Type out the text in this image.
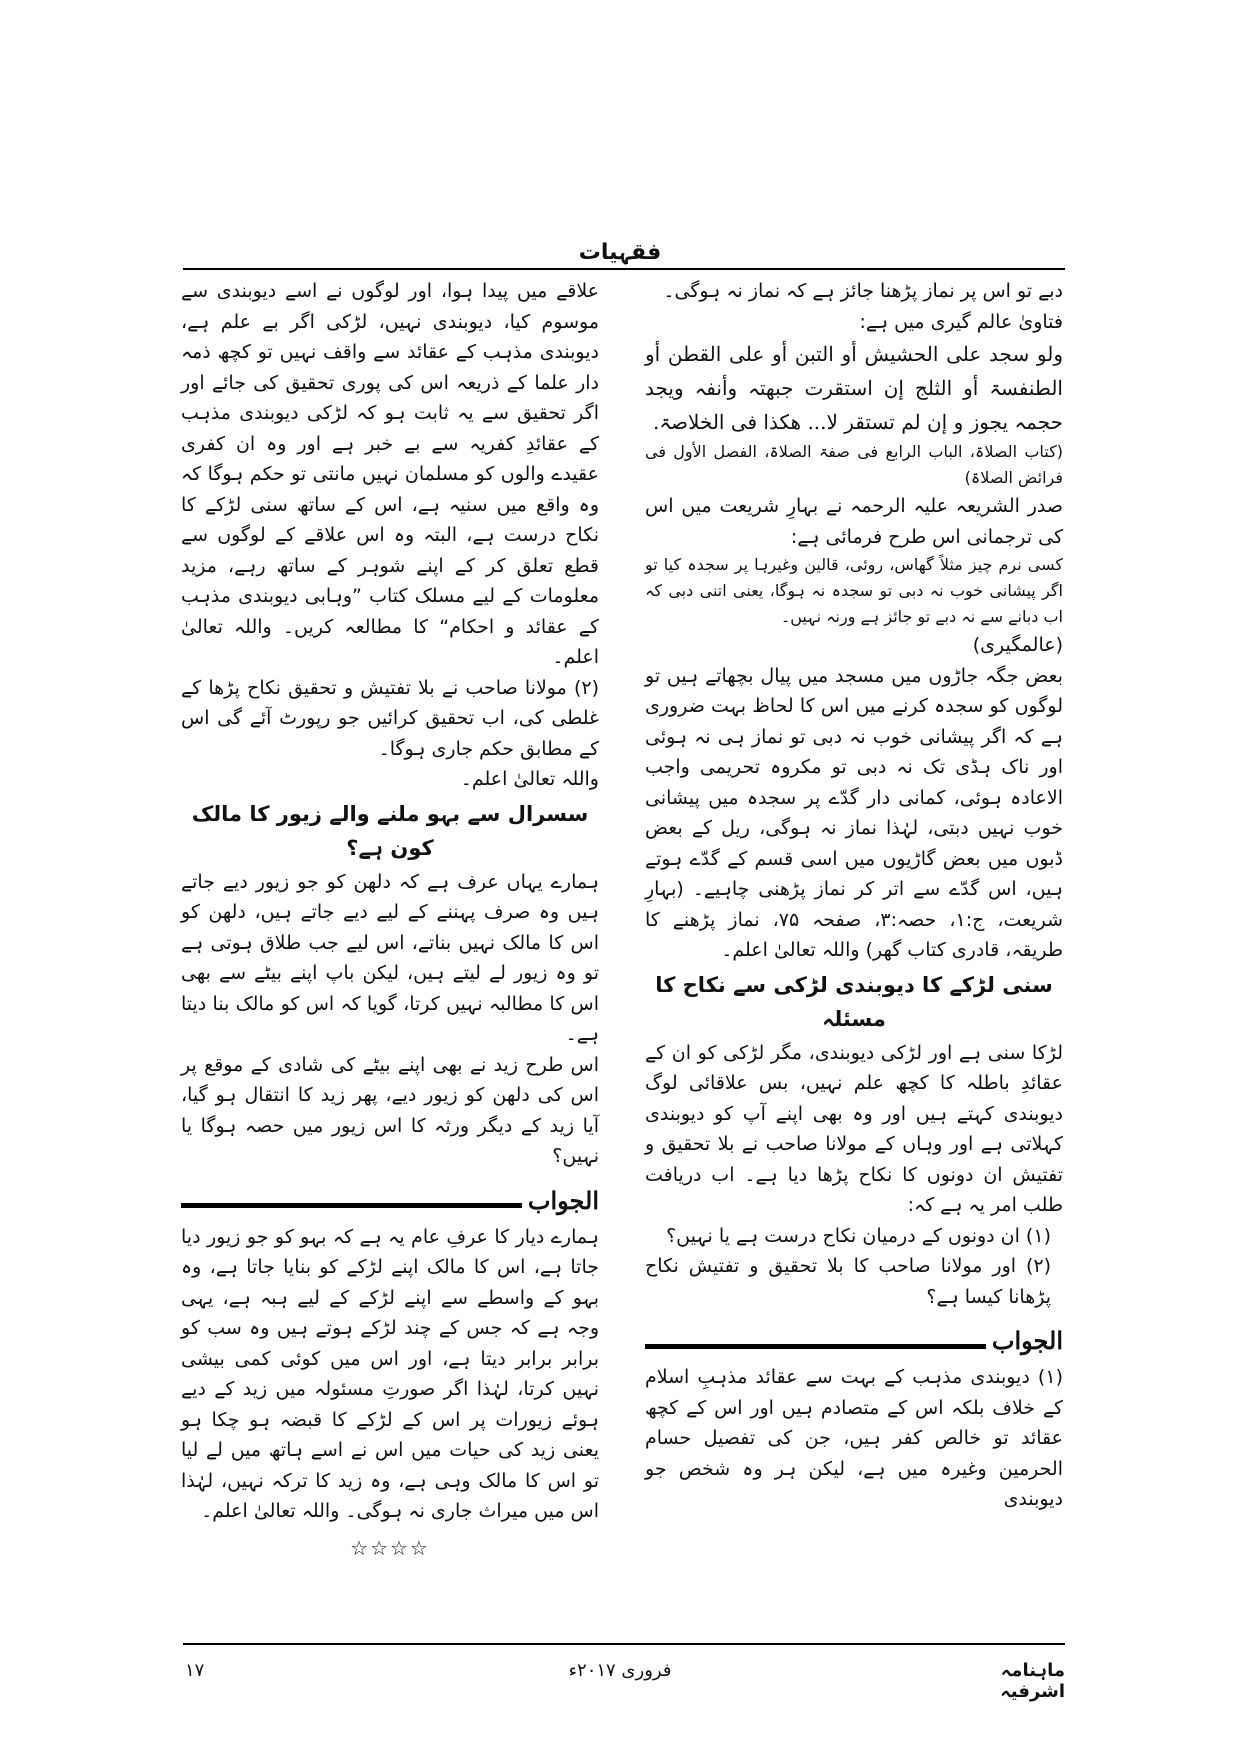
فقہیات

دبے تو اس پر نماز پڑھنا جائز ہے کہ نماز نہ ہوگی۔

فتاویٰ عالم گیری میں ہے:

ولو سجد علی الحشیش أو التبن أو علی القطن أو الطنفسۃ أو الثلج إن استقرت جبھتہ وأنفہ ویجد حجمہ یجوز و إن لم تستقر لا... ھکذا فی الخلاصۃ.

(کتاب الصلاۃ، الباب الرابع فی صفۃ الصلاۃ، الفصل الأول فی فرائض الصلاۃ)

صدر الشریعہ علیہ الرحمہ نے بہارِ شریعت میں اس کی ترجمانی اس طرح فرمائی ہے:

کسی نرم چیز مثلاً گھاس، روئی، قالین وغیرہا پر سجدہ کیا تو اگر پیشانی خوب نہ دبی تو سجدہ نہ ہوگا، یعنی اتنی دبی کہ اب دبانے سے نہ دبے تو جائز ہے ورنہ نہیں۔

(عالمگیری)

بعض جگہ جاڑوں میں مسجد میں پیال بچھاتے ہیں تو لوگوں کو سجدہ کرنے میں اس کا لحاظ بہت ضروری ہے کہ اگر پیشانی خوب نہ دبی تو نماز ہی نہ ہوئی اور ناک ہڈی تک نہ دبی تو مکروہ تحریمی واجب الاعادہ ہوئی، کمانی دار گدّے پر سجدہ میں پیشانی خوب نہیں دبتی، لہٰذا نماز نہ ہوگی، ریل کے بعض ڈبوں میں بعض گاڑیوں میں اسی قسم کے گدّے ہوتے ہیں، اس گدّے سے اتر کر نماز پڑھنی چاہیے۔ (بہارِ شریعت، ج:۱، حصہ:۳، صفحہ ۷۵، نماز پڑھنے کا طریقہ، قادری کتاب گھر) واللہ تعالیٰ اعلم۔

سنی لڑکے کا دیوبندی لڑکی سے نکاح کا مسئلہ

لڑکا سنی ہے اور لڑکی دیوبندی، مگر لڑکی کو ان کے عقائدِ باطلہ کا کچھ علم نہیں، بس علاقائی لوگ دیوبندی کہتے ہیں اور وہ بھی اپنے آپ کو دیوبندی کہلاتی ہے اور وہاں کے مولانا صاحب نے بلا تحقیق و تفتیش ان دونوں کا نکاح پڑھا دیا ہے۔ اب دریافت طلب امر یہ ہے کہ:

(۱) ان دونوں کے درمیان نکاح درست ہے یا نہیں؟

(۲) اور مولانا صاحب کا بلا تحقیق و تفتیش نکاح پڑھانا کیسا ہے؟

الجواب

(۱) دیوبندی مذہب کے بہت سے عقائد مذہبِ اسلام کے خلاف بلکہ اس کے متصادم ہیں اور اس کے کچھ عقائد تو خالص کفر ہیں، جن کی تفصیل حسام الحرمین وغیرہ میں ہے، لیکن ہر وہ شخص جو دیوبندی

علاقے میں پیدا ہوا، اور لوگوں نے اسے دیوبندی سے موسوم کیا، دیوبندی نہیں، لڑکی اگر بے علم ہے، دیوبندی مذہب کے عقائد سے واقف نہیں تو کچھ ذمہ دار علما کے ذریعہ اس کی پوری تحقیق کی جائے اور اگر تحقیق سے یہ ثابت ہو کہ لڑکی دیوبندی مذہب کے عقائدِ کفریہ سے بے خبر ہے اور وہ ان کفری عقیدے والوں کو مسلمان نہیں مانتی تو حکم ہوگا کہ وہ واقع میں سنیہ ہے، اس کے ساتھ سنی لڑکے کا نکاح درست ہے، البتہ وہ اس علاقے کے لوگوں سے قطع تعلق کر کے اپنے شوہر کے ساتھ رہے، مزید معلومات کے لیے مسلک کتاب ”وہابی دیوبندی مذہب کے عقائد و احکام“ کا مطالعہ کریں۔ واللہ تعالیٰ اعلم۔

(۲) مولانا صاحب نے بلا تفتیش و تحقیق نکاح پڑھا کے غلطی کی، اب تحقیق کرائیں جو رپورٹ آئے گی اس کے مطابق حکم جاری ہوگا۔

واللہ تعالیٰ اعلم۔

سسرال سے بہو ملنے والے زیور کا مالک کون ہے؟

ہمارے یہاں عرف ہے کہ دلھن کو جو زیور دیے جاتے ہیں وہ صرف پہننے کے لیے دیے جاتے ہیں، دلھن کو اس کا مالک نہیں بناتے، اس لیے جب طلاق ہوتی ہے تو وہ زیور لے لیتے ہیں، لیکن باپ اپنے بیٹے سے بھی اس کا مطالبہ نہیں کرتا، گویا کہ اس کو مالک بنا دیتا ہے۔

اس طرح زید نے بھی اپنے بیٹے کی شادی کے موقع پر اس کی دلھن کو زیور دیے، پھر زید کا انتقال ہو گیا، آیا زید کے دیگر ورثہ کا اس زیور میں حصہ ہوگا یا نہیں؟

الجواب

ہمارے دیار کا عرفِ عام یہ ہے کہ بہو کو جو زیور دیا جاتا ہے، اس کا مالک اپنے لڑکے کو بنایا جاتا ہے، وہ بہو کے واسطے سے اپنے لڑکے کے لیے ہبہ ہے، یہی وجہ ہے کہ جس کے چند لڑکے ہوتے ہیں وہ سب کو برابر برابر دیتا ہے، اور اس میں کوئی کمی بیشی نہیں کرتا، لہٰذا اگر صورتِ مسئولہ میں زید کے دیے ہوئے زیورات پر اس کے لڑکے کا قبضہ ہو چکا ہو یعنی زید کی حیات میں اس نے اسے ہاتھ میں لے لیا تو اس کا مالک وہی ہے، وہ زید کا ترکہ نہیں، لہٰذا اس میں میراث جاری نہ ہوگی۔ واللہ تعالیٰ اعلم۔

☆☆☆☆

ماہنامہ اشرفیہ
فروری ۲۰۱۷ء
۱۷
